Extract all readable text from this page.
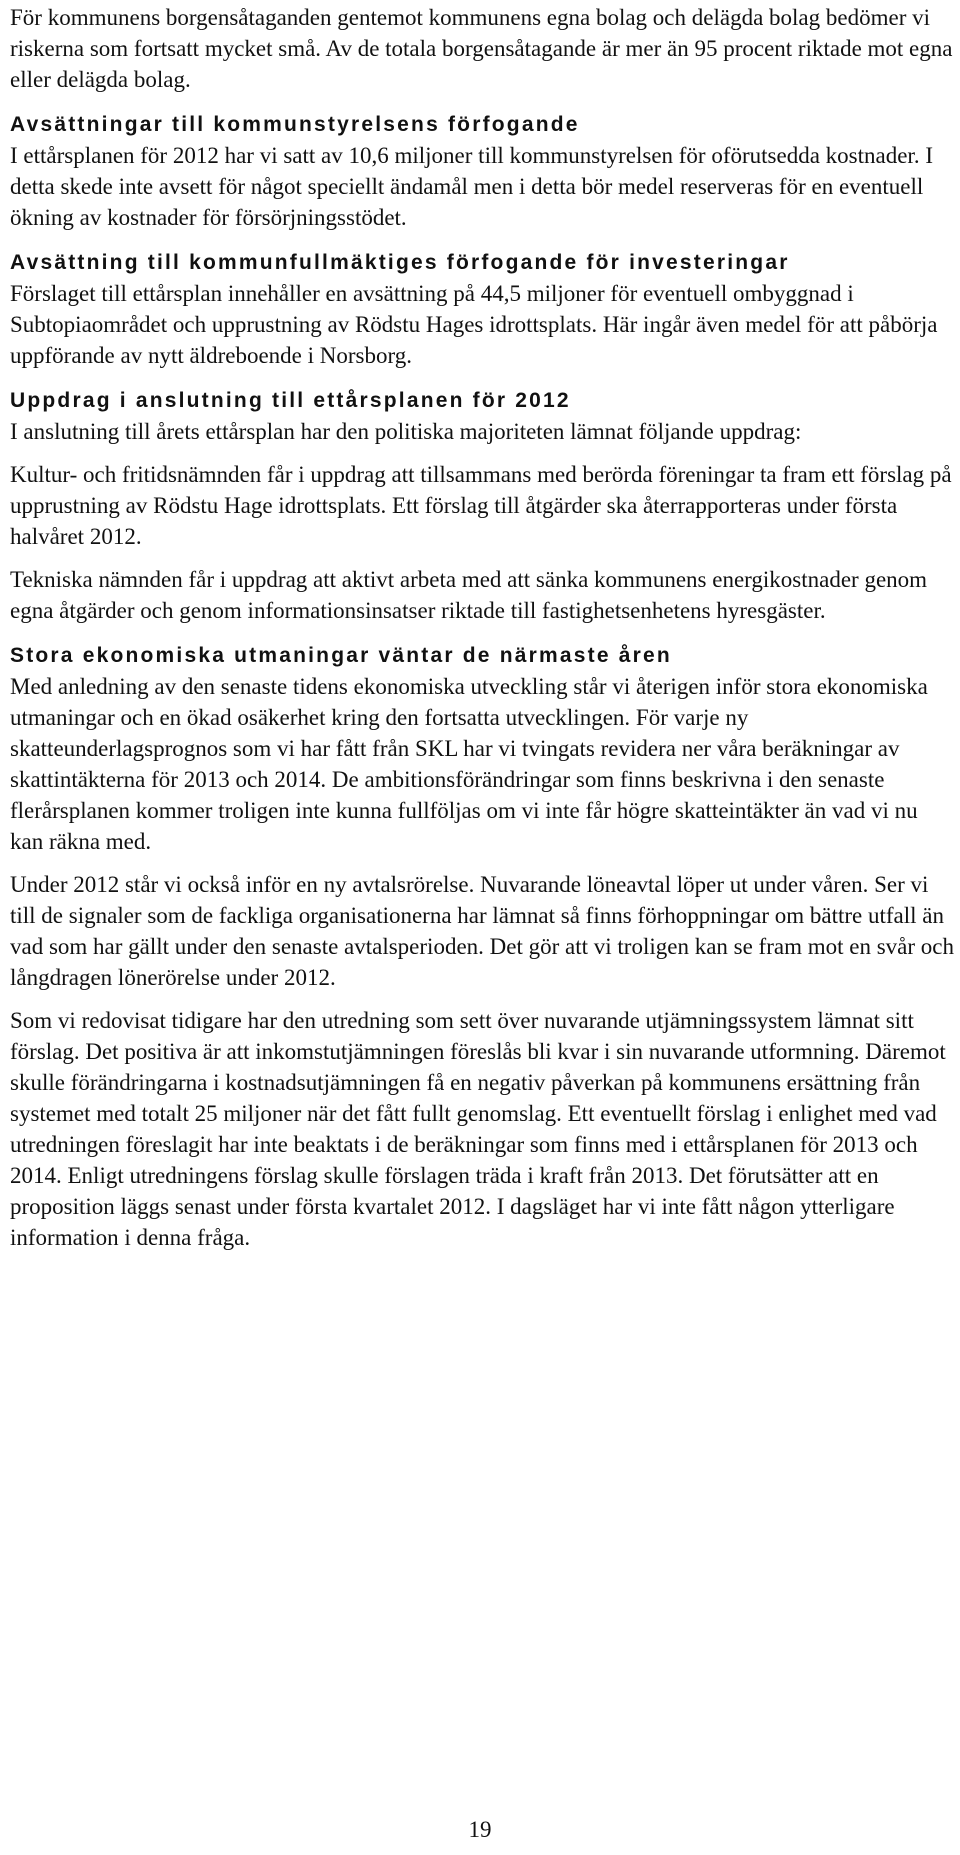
För kommunens borgensåtaganden gentemot kommunens egna bolag och delägda bolag bedömer vi riskerna som fortsatt mycket små. Av de totala borgensåtagande är mer än 95 procent riktade mot egna eller delägda bolag.

Avsättningar till kommunstyrelsens förfogande

I ettårsplanen för 2012 har vi satt av 10,6 miljoner till kommunstyrelsen för oförutsedda kostnader. I detta skede inte avsett för något speciellt ändamål men i detta bör medel reserveras för en eventuell ökning av kostnader för försörjningsstödet.

Avsättning till kommunfullmäktiges förfogande för investeringar

Förslaget till ettårsplan innehåller en avsättning på 44,5 miljoner för eventuell ombyggnad i Subtopiaområdet och upprustning av Rödstu Hages idrottsplats. Här ingår även medel för att påbörja uppförande av nytt äldreboende i Norsborg.

Uppdrag i anslutning till ettårsplanen för 2012

I anslutning till årets ettårsplan har den politiska majoriteten lämnat följande uppdrag:

Kultur- och fritidsnämnden får i uppdrag att tillsammans med berörda föreningar ta fram ett förslag på upprustning av Rödstu Hage idrottsplats. Ett förslag till åtgärder ska återrapporteras under första halvåret 2012.

Tekniska nämnden får i uppdrag att aktivt arbeta med att sänka kommunens energikostnader genom egna åtgärder och genom informationsinsatser riktade till fastighetsenhetens hyresgäster.

Stora ekonomiska utmaningar väntar de närmaste åren

Med anledning av den senaste tidens ekonomiska utveckling står vi återigen inför stora ekonomiska utmaningar och en ökad osäkerhet kring den fortsatta utvecklingen. För varje ny skatteunderlagsprognos som vi har fått från SKL har vi tvingats revidera ner våra beräkningar av skattintäkterna för 2013 och 2014. De ambitionsförändringar som finns beskrivna i den senaste flerårsplanen kommer troligen inte kunna fullföljas om vi inte får högre skatteintäkter än vad vi nu kan räkna med.

Under 2012 står vi också inför en ny avtalsrörelse. Nuvarande löneavtal löper ut under våren. Ser vi till de signaler som de fackliga organisationerna har lämnat så finns förhoppningar om bättre utfall än vad som har gällt under den senaste avtalsperioden. Det gör att vi troligen kan se fram mot en svår och långdragen lönerörelse under 2012.

Som vi redovisat tidigare har den utredning som sett över nuvarande utjämningssystem lämnat sitt förslag. Det positiva är att inkomstutjämningen föreslås bli kvar i sin nuvarande utformning. Däremot skulle förändringarna i kostnadsutjämningen få en negativ påverkan på kommunens ersättning från systemet med totalt 25 miljoner när det fått fullt genomslag. Ett eventuellt förslag i enlighet med vad utredningen föreslagit har inte beaktats i de beräkningar som finns med i ettårsplanen för 2013 och 2014. Enligt utredningens förslag skulle förslagen träda i kraft från 2013. Det förutsätter att en proposition läggs senast under första kvartalet 2012. I dagsläget har vi inte fått någon ytterligare information i denna fråga.

19
